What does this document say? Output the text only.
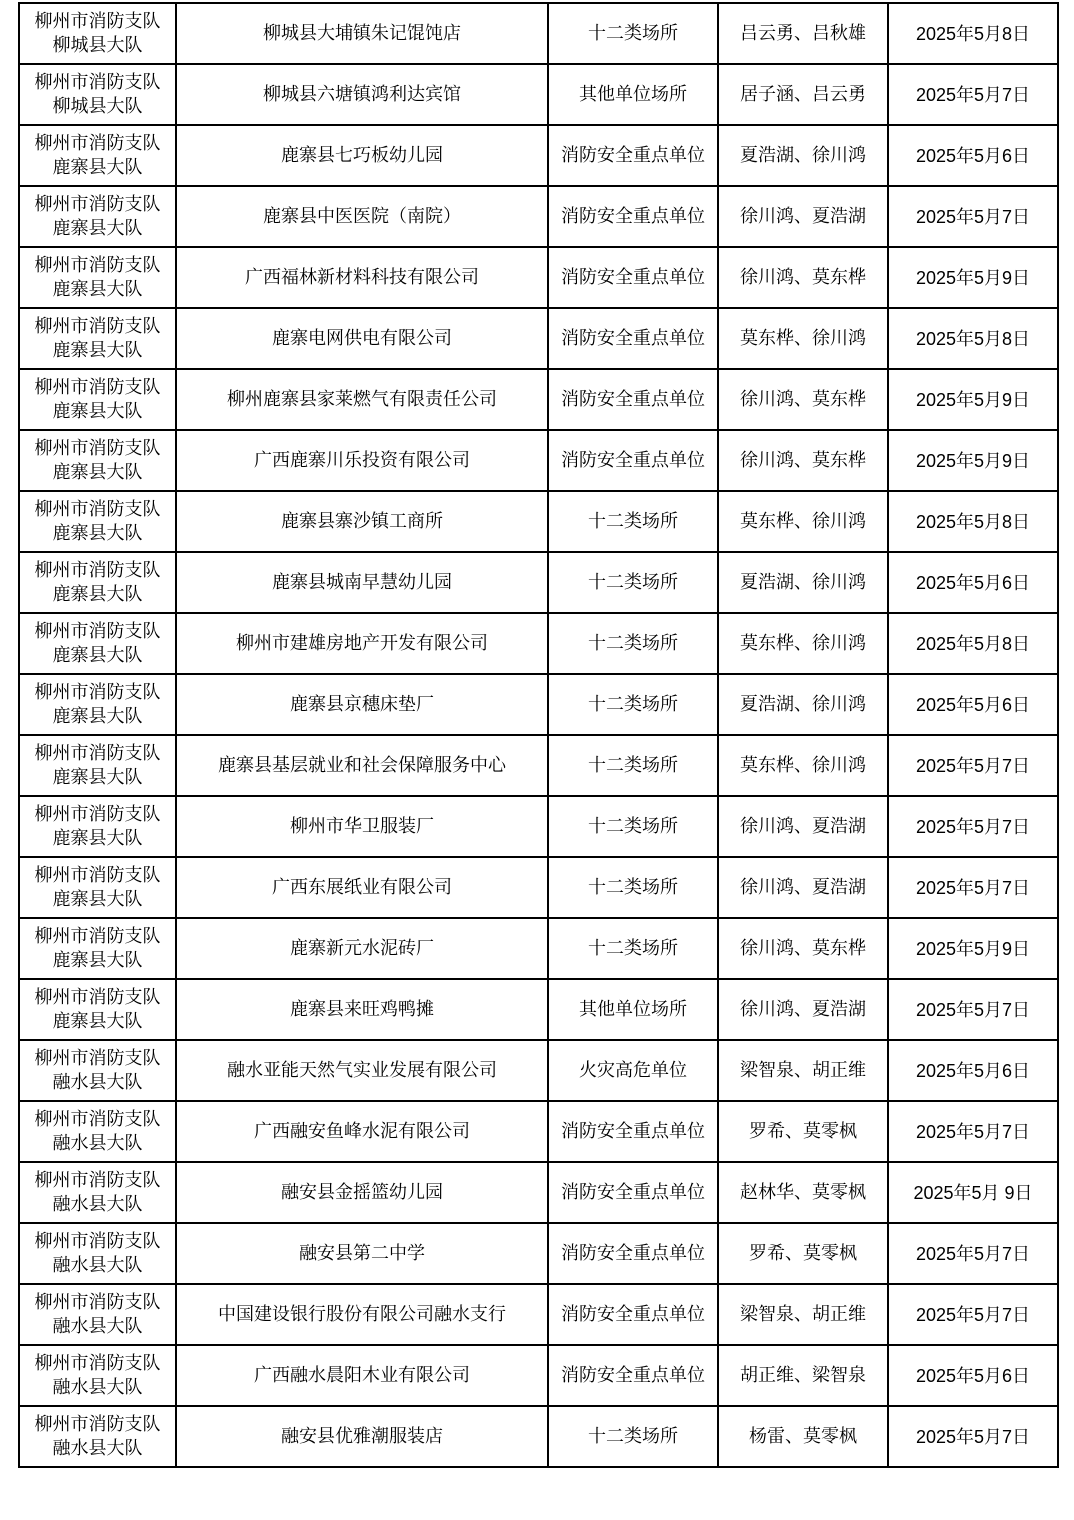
柳州市消防支队
柳城县大队	柳城县大埔镇朱记馄饨店	十二类场所	吕云勇、吕秋雄	2025年5月8日

柳州市消防支队
柳城县大队	柳城县六塘镇鸿利达宾馆	其他单位场所	居子涵、吕云勇	2025年5月7日

柳州市消防支队
鹿寨县大队	鹿寨县七巧板幼儿园	消防安全重点单位	夏浩湖、徐川鸿	2025年5月6日

柳州市消防支队
鹿寨县大队	鹿寨县中医医院（南院）	消防安全重点单位	徐川鸿、夏浩湖	2025年5月7日

柳州市消防支队
鹿寨县大队	广西福林新材料科技有限公司	消防安全重点单位	徐川鸿、莫东桦	2025年5月9日

柳州市消防支队
鹿寨县大队	鹿寨电网供电有限公司	消防安全重点单位	莫东桦、徐川鸿	2025年5月8日

柳州市消防支队
鹿寨县大队	柳州鹿寨县家莱燃气有限责任公司	消防安全重点单位	徐川鸿、莫东桦	2025年5月9日

柳州市消防支队
鹿寨县大队	广西鹿寨川乐投资有限公司	消防安全重点单位	徐川鸿、莫东桦	2025年5月9日

柳州市消防支队
鹿寨县大队	鹿寨县寨沙镇工商所	十二类场所	莫东桦、徐川鸿	2025年5月8日

柳州市消防支队
鹿寨县大队	鹿寨县城南早慧幼儿园	十二类场所	夏浩湖、徐川鸿	2025年5月6日

柳州市消防支队
鹿寨县大队	柳州市建雄房地产开发有限公司	十二类场所	莫东桦、徐川鸿	2025年5月8日

柳州市消防支队
鹿寨县大队	鹿寨县京穗床垫厂	十二类场所	夏浩湖、徐川鸿	2025年5月6日

柳州市消防支队
鹿寨县大队	鹿寨县基层就业和社会保障服务中心	十二类场所	莫东桦、徐川鸿	2025年5月7日

柳州市消防支队
鹿寨县大队	柳州市华卫服装厂	十二类场所	徐川鸿、夏浩湖	2025年5月7日

柳州市消防支队
鹿寨县大队	广西东展纸业有限公司	十二类场所	徐川鸿、夏浩湖	2025年5月7日

柳州市消防支队
鹿寨县大队	鹿寨新元水泥砖厂	十二类场所	徐川鸿、莫东桦	2025年5月9日

柳州市消防支队
鹿寨县大队	鹿寨县来旺鸡鸭摊	其他单位场所	徐川鸿、夏浩湖	2025年5月7日

柳州市消防支队
融水县大队	融水亚能天然气实业发展有限公司	火灾高危单位	梁智泉、胡正维	2025年5月6日

柳州市消防支队
融水县大队	广西融安鱼峰水泥有限公司	消防安全重点单位	罗希、莫零枫	2025年5月7日

柳州市消防支队
融水县大队	融安县金摇篮幼儿园	消防安全重点单位	赵林华、莫零枫	2025年5月 9日

柳州市消防支队
融水县大队	融安县第二中学	消防安全重点单位	罗希、莫零枫	2025年5月7日

柳州市消防支队
融水县大队	中国建设银行股份有限公司融水支行	消防安全重点单位	梁智泉、胡正维	2025年5月7日

柳州市消防支队
融水县大队	广西融水晨阳木业有限公司	消防安全重点单位	胡正维、梁智泉	2025年5月6日

柳州市消防支队
融水县大队	融安县优雅潮服装店	十二类场所	杨雷、莫零枫	2025年5月7日
